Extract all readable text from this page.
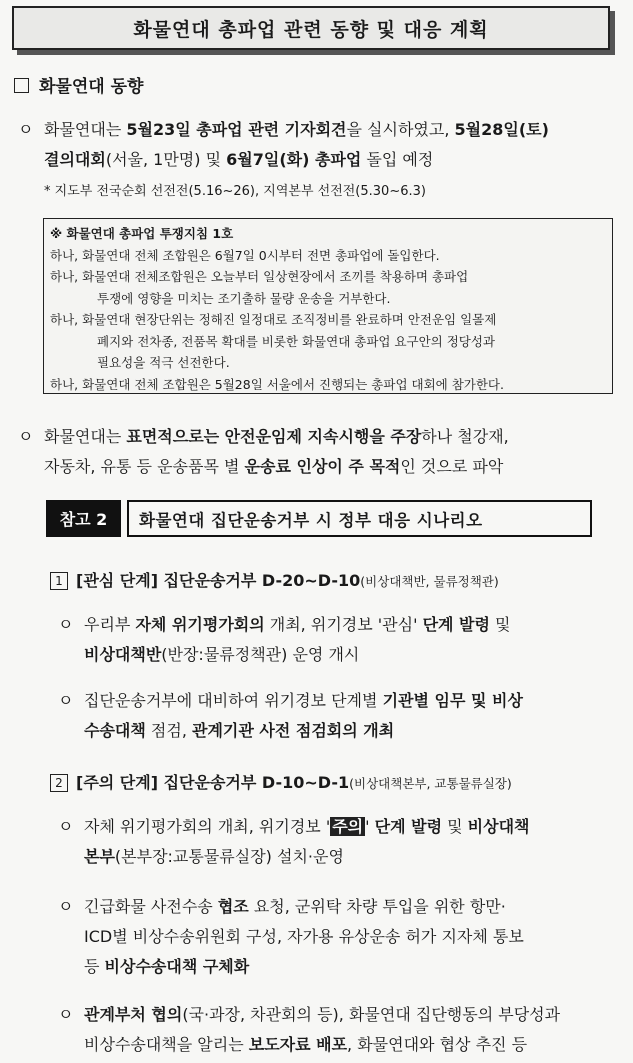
화물연대 총파업 관련 동향 및 대응 계획
화물연대 동향
ㅇ 화물연대는 5월23일 총파업 관련 기자회견을 실시하였고, 5월28일(토)
결의대회(서울, 1만명) 및 6월7일(화) 총파업 돌입 예정
* 지도부 전국순회 선전전(5.16~26), 지역본부 선전전(5.30~6.3)

※ 화물연대 총파업 투쟁지침 1호

하나, 화물연대 전체 조합원은 6월7일 0시부터 전면 총파업에 돌입한다.

하나, 화물연대 전체조합원은 오늘부터 일상현장에서 조끼를 착용하며 총파업

투쟁에 영향을 미치는 조기출하 물량 운송을 거부한다.

하나, 화물연대 현장단위는 정해진 일정대로 조직정비를 완료하며 안전운임 일몰제

폐지와 전차종, 전품목 확대를 비롯한 화물연대 총파업 요구안의 정당성과

필요성을 적극 선전한다.

하나, 화물연대 전체 조합원은 5월28일 서울에서 진행되는 총파업 대회에 참가한다.

ㅇ 화물연대는 표면적으로는 안전운임제 지속시행을 주장하나 철강재,
자동차, 유통 등 운송품목 별 운송료 인상이 주 목적인 것으로 파악
참고 2	화물연대 집단운송거부 시 정부 대응 시나리오
1 [관심 단계] 집단운송거부 D-20~D-10(비상대책반, 물류정책관)
ㅇ 우리부 자체 위기평가회의 개최, 위기경보 '관심' 단계 발령 및
비상대책반(반장:물류정책관) 운영 개시
ㅇ 집단운송거부에 대비하여 위기경보 단계별 기관별 임무 및 비상
수송대책 점검, 관계기관 사전 점검회의 개최
2 [주의 단계] 집단운송거부 D-10~D-1(비상대책본부, 교통물류실장)
ㅇ 자체 위기평가회의 개최, 위기경보 ' 주의 ' 단계 발령 및 비상대책
본부(본부장:교통물류실장) 설치·운영
ㅇ 긴급화물 사전수송 협조 요청, 군위탁 차량 투입을 위한 항만·
ICD별 비상수송위원회 구성, 자가용 유상운송 허가 지자체 통보
등 비상수송대책 구체화
ㅇ 관계부처 협의(국·과장, 차관회의 등), 화물연대 집단행동의 부당성과
비상수송대책을 알리는 보도자료 배포, 화물연대와 협상 추진 등
